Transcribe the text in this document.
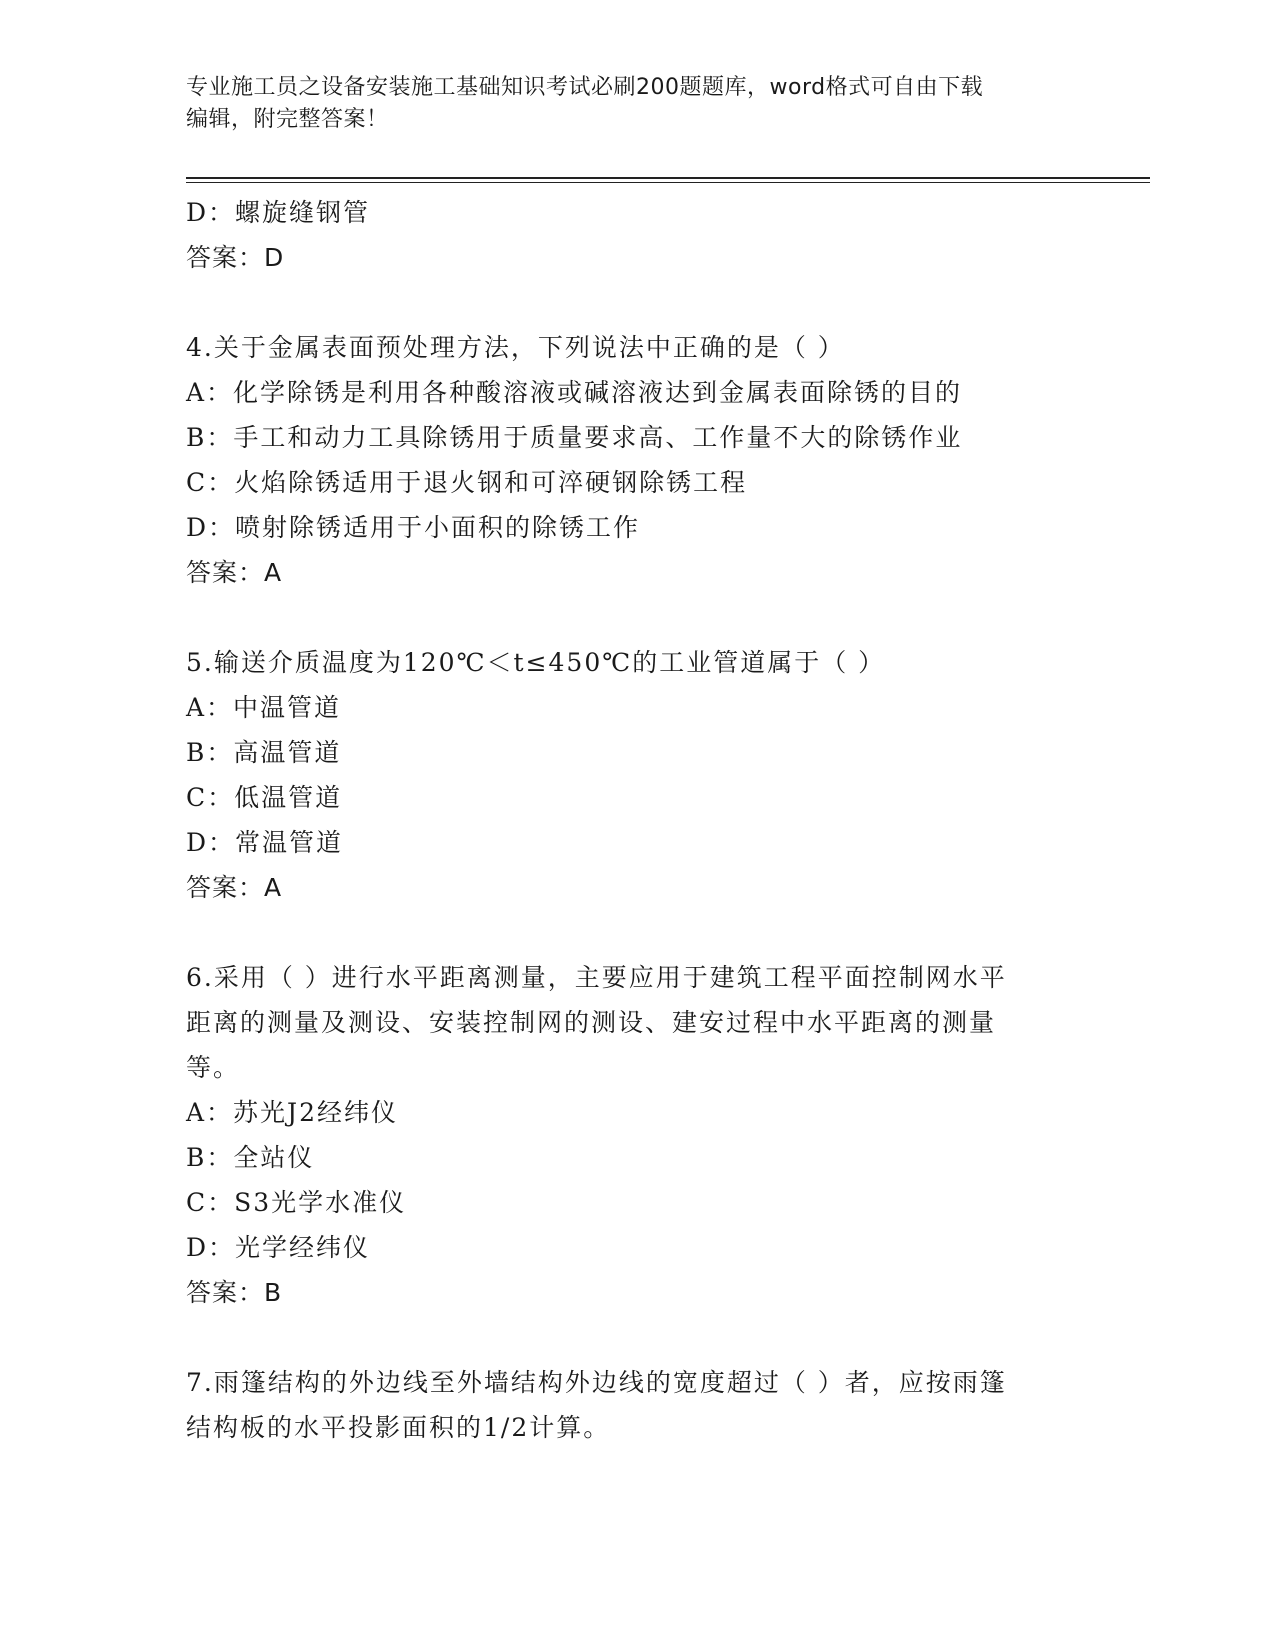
专业施工员之设备安装施工基础知识考试必刷200题题库，word格式可自由下载
编辑，附完整答案！
D：螺旋缝钢管
答案：D
4.关于金属表面预处理方法，下列说法中正确的是（ ）
A：化学除锈是利用各种酸溶液或碱溶液达到金属表面除锈的目的
B：手工和动力工具除锈用于质量要求高、工作量不大的除锈作业
C：火焰除锈适用于退火钢和可淬硬钢除锈工程
D：喷射除锈适用于小面积的除锈工作
答案：A
5.输送介质温度为120℃＜t≤450℃的工业管道属于（ ）
A：中温管道
B：高温管道
C：低温管道
D：常温管道
答案：A
6.采用（ ）进行水平距离测量，主要应用于建筑工程平面控制网水平
距离的测量及测设、安装控制网的测设、建安过程中水平距离的测量
等。
A：苏光J2经纬仪
B：全站仪
C：S3光学水准仪
D：光学经纬仪
答案：B
7.雨篷结构的外边线至外墙结构外边线的宽度超过（ ）者，应按雨篷
结构板的水平投影面积的1/2计算。
